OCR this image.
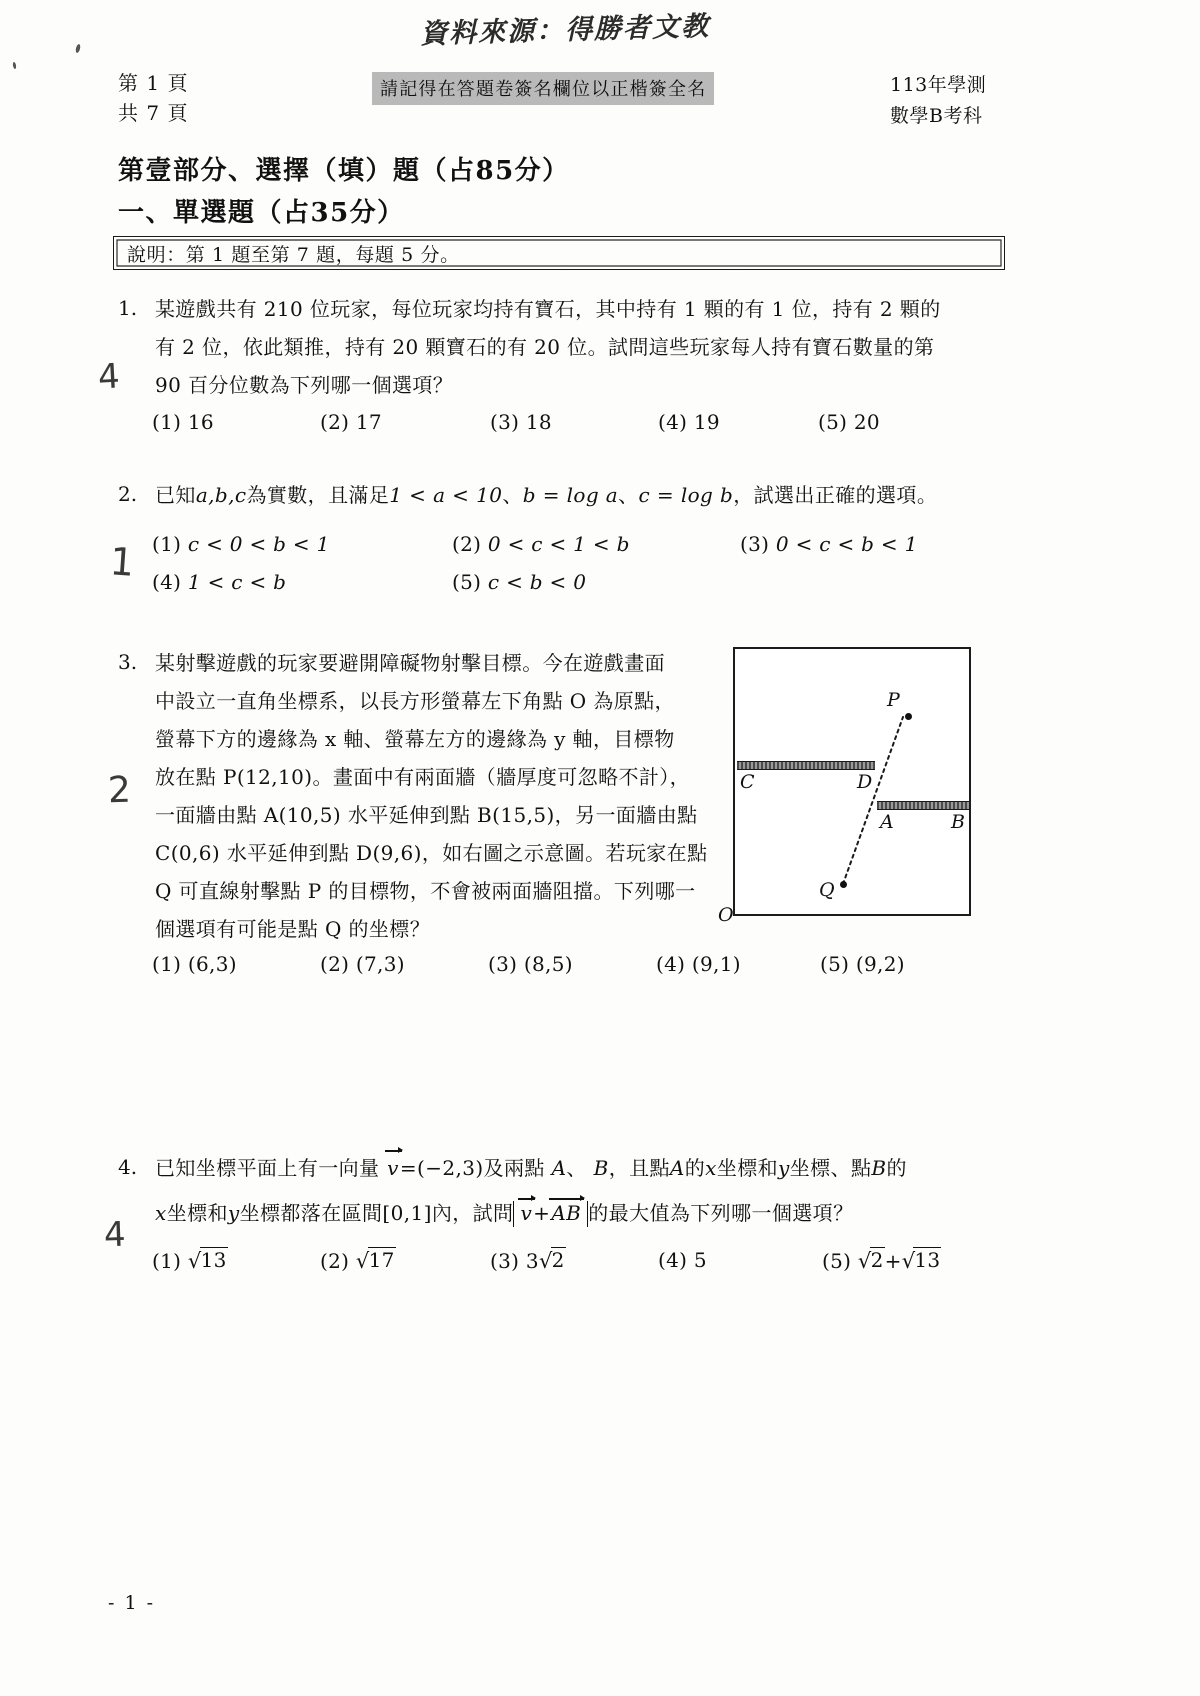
資料來源：得勝者文教
第 1 頁
共 7 頁
請記得在答題卷簽名欄位以正楷簽全名	113年學測
數學B考科
第壹部分、選擇（填）題（占85分）
一、單選題（占35分）
說明：第 1 題至第 7 題，每題 5 分。
1. 某遊戲共有 210 位玩家，每位玩家均持有寶石，其中持有 1 顆的有 1 位，持有 2 顆的
有 2 位，依此類推，持有 20 顆寶石的有 20 位。試問這些玩家每人持有寶石數量的第
90 百分位數為下列哪一個選項？
4
(1) 16	(2) 17	(3) 18	(4) 19	(5) 20
2. 已知a,b,c為實數，且滿足1 < a < 10、b = log a、c = log b，試選出正確的選項。
1 (1) c < 0 < b < 1	(2) 0 < c < 1 < b	(3) 0 < c < b < 1
(4) 1 < c < b	(5) c < b < 0
3. 某射擊遊戲的玩家要避開障礙物射擊目標。今在遊戲畫面
中設立一直角坐標系，以長方形螢幕左下角點 O 為原點，
螢幕下方的邊緣為 x 軸、螢幕左方的邊緣為 y 軸，目標物
放在點 P(12,10)。畫面中有兩面牆（牆厚度可忽略不計），
一面牆由點 A(10,5) 水平延伸到點 B(15,5)，另一面牆由點
C(0,6) 水平延伸到點 D(9,6)，如右圖之示意圖。若玩家在點
Q 可直線射擊點 P 的目標物，不會被兩面牆阻擋。下列哪一
個選項有可能是點 Q 的坐標？
2
P
Q
C	D
A	B
O
(1) (6,3)	(2) (7,3)	(3) (8,5)	(4) (9,1)	(5) (9,2)
4. 已知坐標平面上有一向量 v=(−2,3)及兩點 A、 B，且點A的x坐標和y坐標、點B的
x坐標和y坐標都落在區間[0,1]內，試問 v+AB 的最大值為下列哪一個選項？
4
(1) √13	(2) √17	(3) 3√2	(4) 5	(5) √2+√13
- 1 -
